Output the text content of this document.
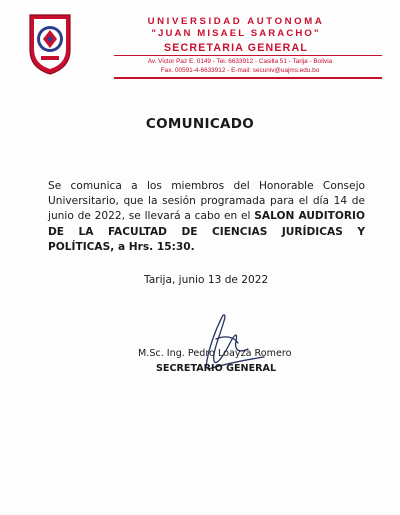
UNIVERSIDAD AUTONOMA
"JUAN MISAEL SARACHO"
SECRETARIA GENERAL
Av. Victor Paz E. 0149 - Tel. 6633912 - Casilla 51 - Tarija - Bolivia
Fax. 00591-4-6633912 - E-mail: secuniv@uajms.edu.bo
COMUNICADO

Se comunica a los miembros del Honorable Consejo Universitario, que la sesión programada para el día 14 de junio de 2022, se llevará a cabo en el SALON AUDITORIO DE LA FACULTAD DE CIENCIAS JURÍDICAS Y POLÍTICAS, a Hrs. 15:30.

Tarija, junio 13 de 2022
M.Sc. Ing. Pedro Loayza Romero
SECRETARIO GENERAL
